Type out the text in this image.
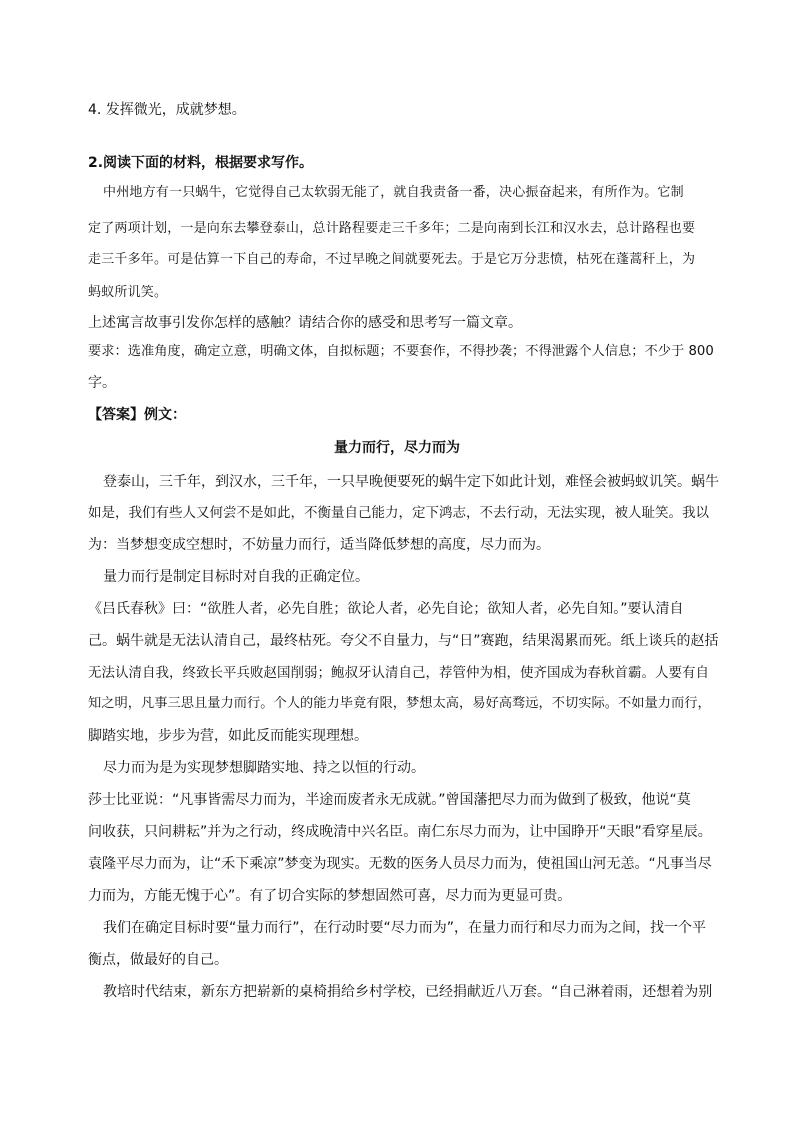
4. 发挥微光，成就梦想。
2.阅读下面的材料，根据要求写作。
中州地方有一只蜗牛，它觉得自己太软弱无能了，就自我责备一番，决心振奋起来，有所作为。它制
定了两项计划，一是向东去攀登泰山，总计路程要走三千多年；二是向南到长江和汉水去，总计路程也要
走三千多年。可是估算一下自己的寿命，不过早晚之间就要死去。于是它万分悲愤，枯死在蓬蒿秆上，为
蚂蚁所讥笑。
上述寓言故事引发你怎样的感触？请结合你的感受和思考写一篇文章。
要求：选准角度，确定立意，明确文体，自拟标题；不要套作，不得抄袭；不得泄露个人信息；不少于 800
字。
【答案】例文：
量力而行，尽力而为
登泰山，三千年，到汉水，三千年，一只早晚便要死的蜗牛定下如此计划，难怪会被蚂蚁讥笑。蜗牛
如是，我们有些人又何尝不是如此，不衡量自己能力，定下鸿志，不去行动，无法实现，被人耻笑。我以
为：当梦想变成空想时，不妨量力而行，适当降低梦想的高度，尽力而为。
量力而行是制定目标时对自我的正确定位。
《吕氏春秋》曰：“欲胜人者，必先自胜；欲论人者，必先自论；欲知人者，必先自知。”要认清自
己。蜗牛就是无法认清自己，最终枯死。夸父不自量力，与“日”赛跑，结果渴累而死。纸上谈兵的赵括
无法认清自我，终致长平兵败赵国削弱；鲍叔牙认清自己，荐管仲为相，使齐国成为春秋首霸。人要有自
知之明，凡事三思且量力而行。个人的能力毕竟有限，梦想太高，易好高骛远，不切实际。不如量力而行，
脚踏实地，步步为营，如此反而能实现理想。
尽力而为是为实现梦想脚踏实地、持之以恒的行动。
莎士比亚说：“凡事皆需尽力而为，半途而废者永无成就。”曾国藩把尽力而为做到了极致，他说“莫
问收获，只问耕耘”并为之行动，终成晚清中兴名臣。南仁东尽力而为，让中国睁开“天眼”看穿星辰。
袁隆平尽力而为，让“禾下乘凉”梦变为现实。无数的医务人员尽力而为，使祖国山河无恙。“凡事当尽
力而为，方能无愧于心”。有了切合实际的梦想固然可喜，尽力而为更显可贵。
我们在确定目标时要“量力而行”，在行动时要“尽力而为”，在量力而行和尽力而为之间，找一个平
衡点，做最好的自己。
教培时代结束，新东方把崭新的桌椅捐给乡村学校，已经捐献近八万套。“自己淋着雨，还想着为别
